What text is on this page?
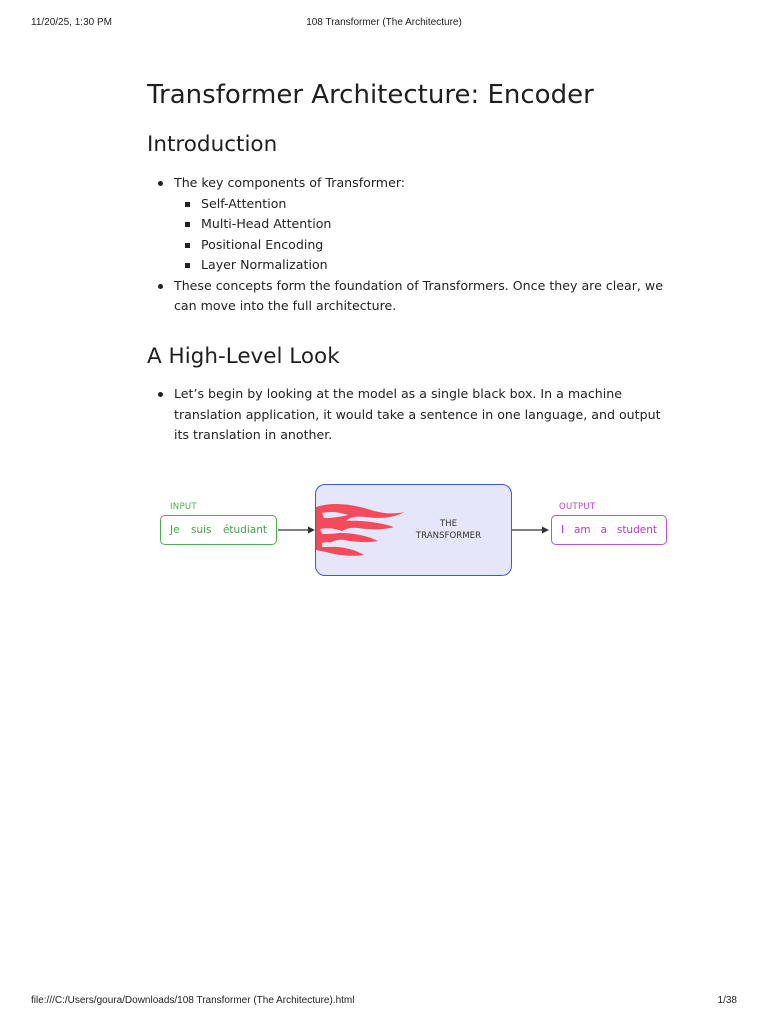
11/20/25, 1:30 PM	108 Transformer (The Architecture)
Transformer Architecture: Encoder
Introduction
The key components of Transformer:
Self-Attention
Multi-Head Attention
Positional Encoding
Layer Normalization
These concepts form the foundation of Transformers. Once they are clear, we can move into the full architecture.
A High-Level Look
Let’s begin by looking at the model as a single black box. In a machine translation application, it would take a sentence in one language, and output its translation in another.
INPUT
Je suis étudiant	THE
TRANSFORMER
OUTPUT
I am a student
file:///C:/Users/goura/Downloads/108 Transformer (The Architecture).html	1/38
